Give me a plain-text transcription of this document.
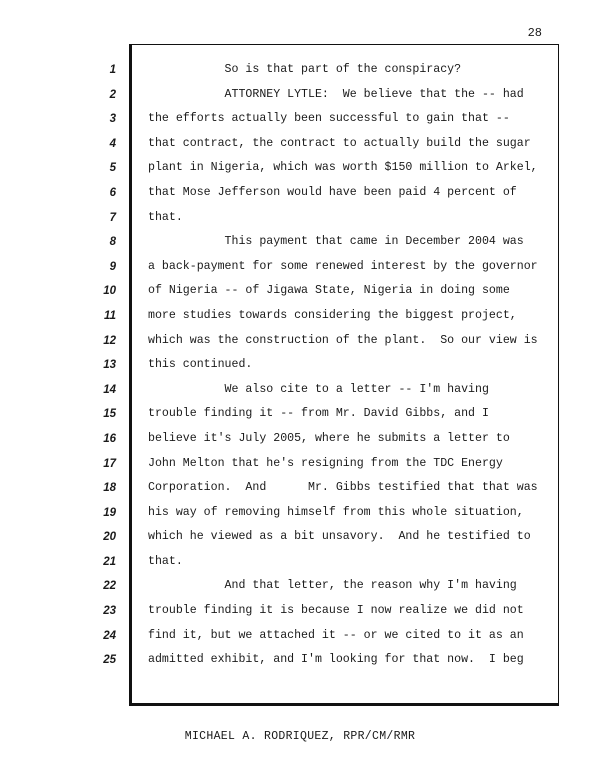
28
1
2
3
4
5
6
7
8
9
10
11
12
13
14
15
16
17
18
19
20
21
22
23
24
25
So is that part of the conspiracy?
ATTORNEY LYTLE:  We believe that the -- had
the efforts actually been successful to gain that --
that contract, the contract to actually build the sugar
plant in Nigeria, which was worth $150 million to Arkel,
that Mose Jefferson would have been paid 4 percent of
that.
This payment that came in December 2004 was
a back-payment for some renewed interest by the governor
of Nigeria -- of Jigawa State, Nigeria in doing some
more studies towards considering the biggest project,
which was the construction of the plant.  So our view is
this continued.
We also cite to a letter -- I'm having
trouble finding it -- from Mr. David Gibbs, and I
believe it's July 2005, where he submits a letter to
John Melton that he's resigning from the TDC Energy
Corporation.  And      Mr. Gibbs testified that that was
his way of removing himself from this whole situation,
which he viewed as a bit unsavory.  And he testified to
that.
And that letter, the reason why I'm having
trouble finding it is because I now realize we did not
find it, but we attached it -- or we cited to it as an
admitted exhibit, and I'm looking for that now.  I beg
MICHAEL A. RODRIQUEZ, RPR/CM/RMR
